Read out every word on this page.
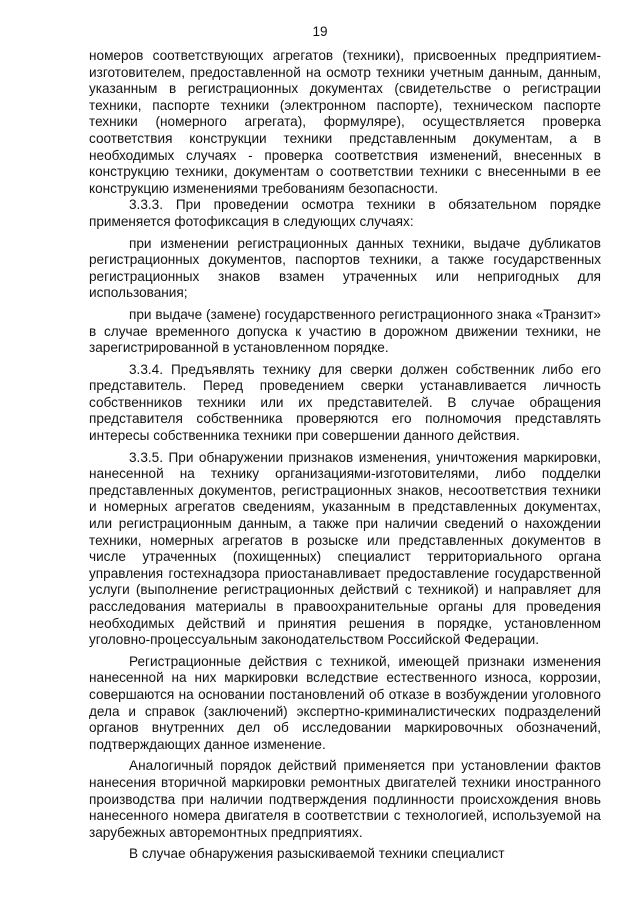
19

номеров соответствующих агрегатов (техники), присвоенных предприятием-изготовителем, предоставленной на осмотр техники учетным данным, данным, указанным в регистрационных документах (свидетельстве о регистрации техники, паспорте техники (электронном паспорте), техническом паспорте техники (номерного агрегата), формуляре), осуществляется проверка соответствия конструкции техники представленным документам, а в необходимых случаях - проверка соответствия изменений, внесенных в конструкцию техники, документам о соответствии техники с внесенными в ее конструкцию изменениями требованиям безопасности.

3.3.3. При проведении осмотра техники в обязательном порядке применяется фотофиксация в следующих случаях:

при изменении регистрационных данных техники, выдаче дубликатов регистрационных документов, паспортов техники, а также государственных регистрационных знаков взамен утраченных или непригодных для использования;

при выдаче (замене) государственного регистрационного знака «Транзит» в случае временного допуска к участию в дорожном движении техники, не зарегистрированной в установленном порядке.

3.3.4. Предъявлять технику для сверки должен собственник либо его представитель. Перед проведением сверки устанавливается личность собственников техники или их представителей. В случае обращения представителя собственника проверяются его полномочия представлять интересы собственника техники при совершении данного действия.

3.3.5. При обнаружении признаков изменения, уничтожения маркировки, нанесенной на технику организациями-изготовителями, либо подделки представленных документов, регистрационных знаков, несоответствия техники и номерных агрегатов сведениям, указанным в представленных документах, или регистрационным данным, а также при наличии сведений о нахождении техники, номерных агрегатов в розыске или представленных документов в числе утраченных (похищенных) специалист территориального органа управления гостехнадзора приостанавливает предоставление государственной услуги (выполнение регистрационных действий с техникой) и направляет для расследования материалы в правоохранительные органы для проведения необходимых действий и принятия решения в порядке, установленном уголовно-процессуальным законодательством Российской Федерации.

Регистрационные действия с техникой, имеющей признаки изменения нанесенной на них маркировки вследствие естественного износа, коррозии, совершаются на основании постановлений об отказе в возбуждении уголовного дела и справок (заключений) экспертно-криминалистических подразделений органов внутренних дел об исследовании маркировочных обозначений, подтверждающих данное изменение.

Аналогичный порядок действий применяется при установлении фактов нанесения вторичной маркировки ремонтных двигателей техники иностранного производства при наличии подтверждения подлинности происхождения вновь нанесенного номера двигателя в соответствии с технологией, используемой на зарубежных авторемонтных предприятиях.

В случае обнаружения разыскиваемой техники специалист
